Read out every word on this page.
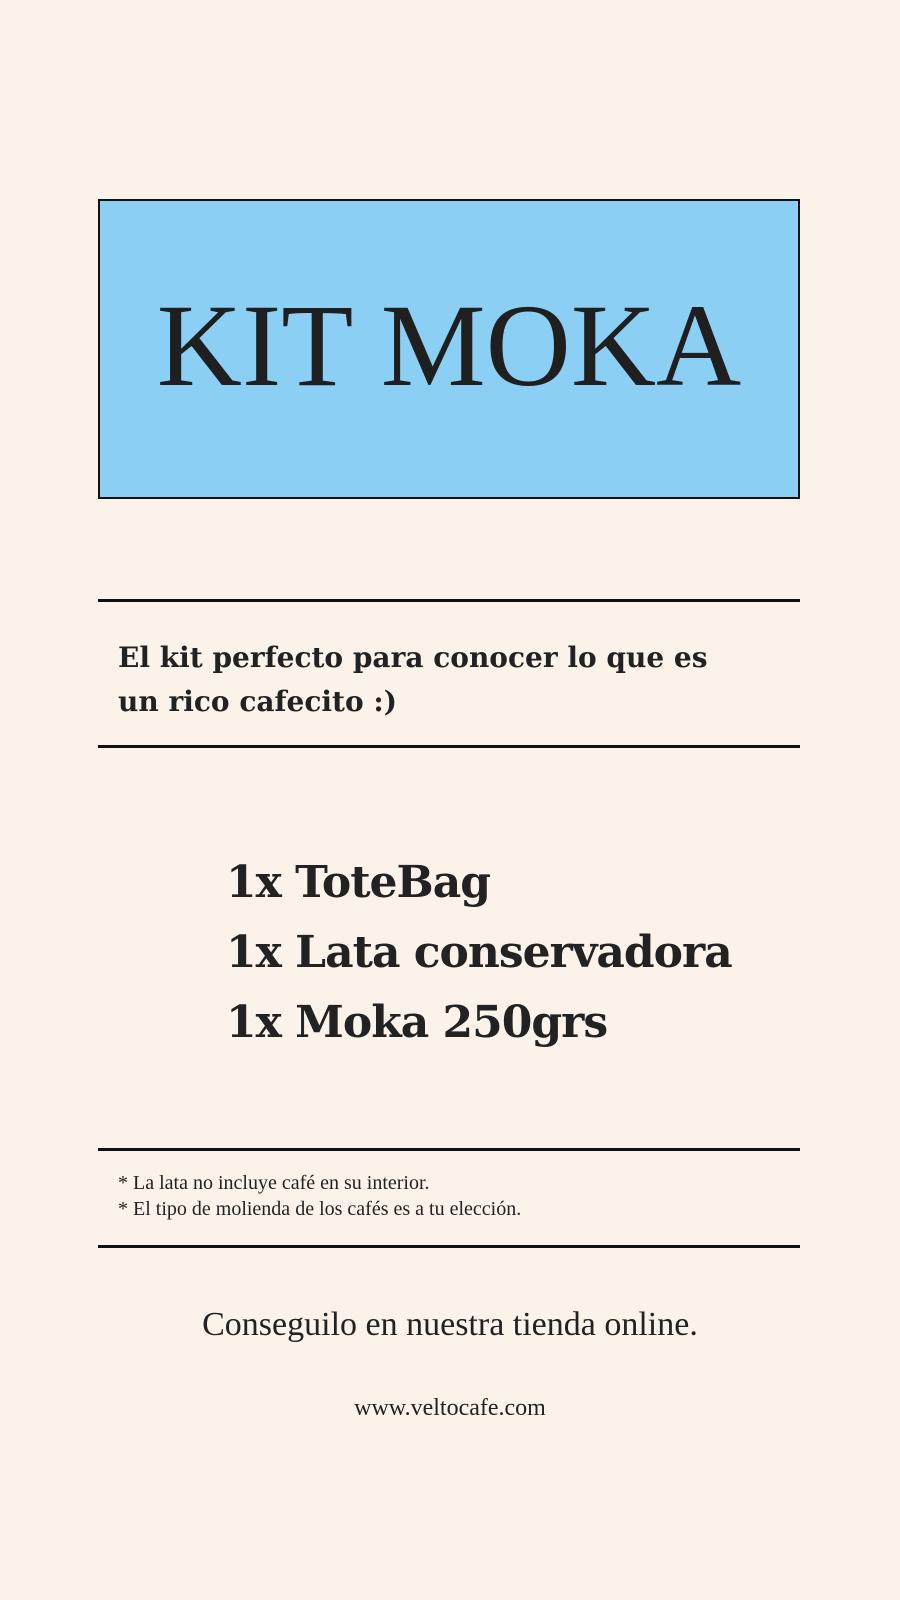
KIT MOKA
El kit perfecto para conocer lo que es un rico cafecito :)
1x ToteBag
1x Lata conservadora
1x Moka 250grs
* La lata no incluye café en su interior.
* El tipo de molienda de los cafés es a tu elección.
Conseguilo en nuestra tienda online.
www.veltocafe.com
